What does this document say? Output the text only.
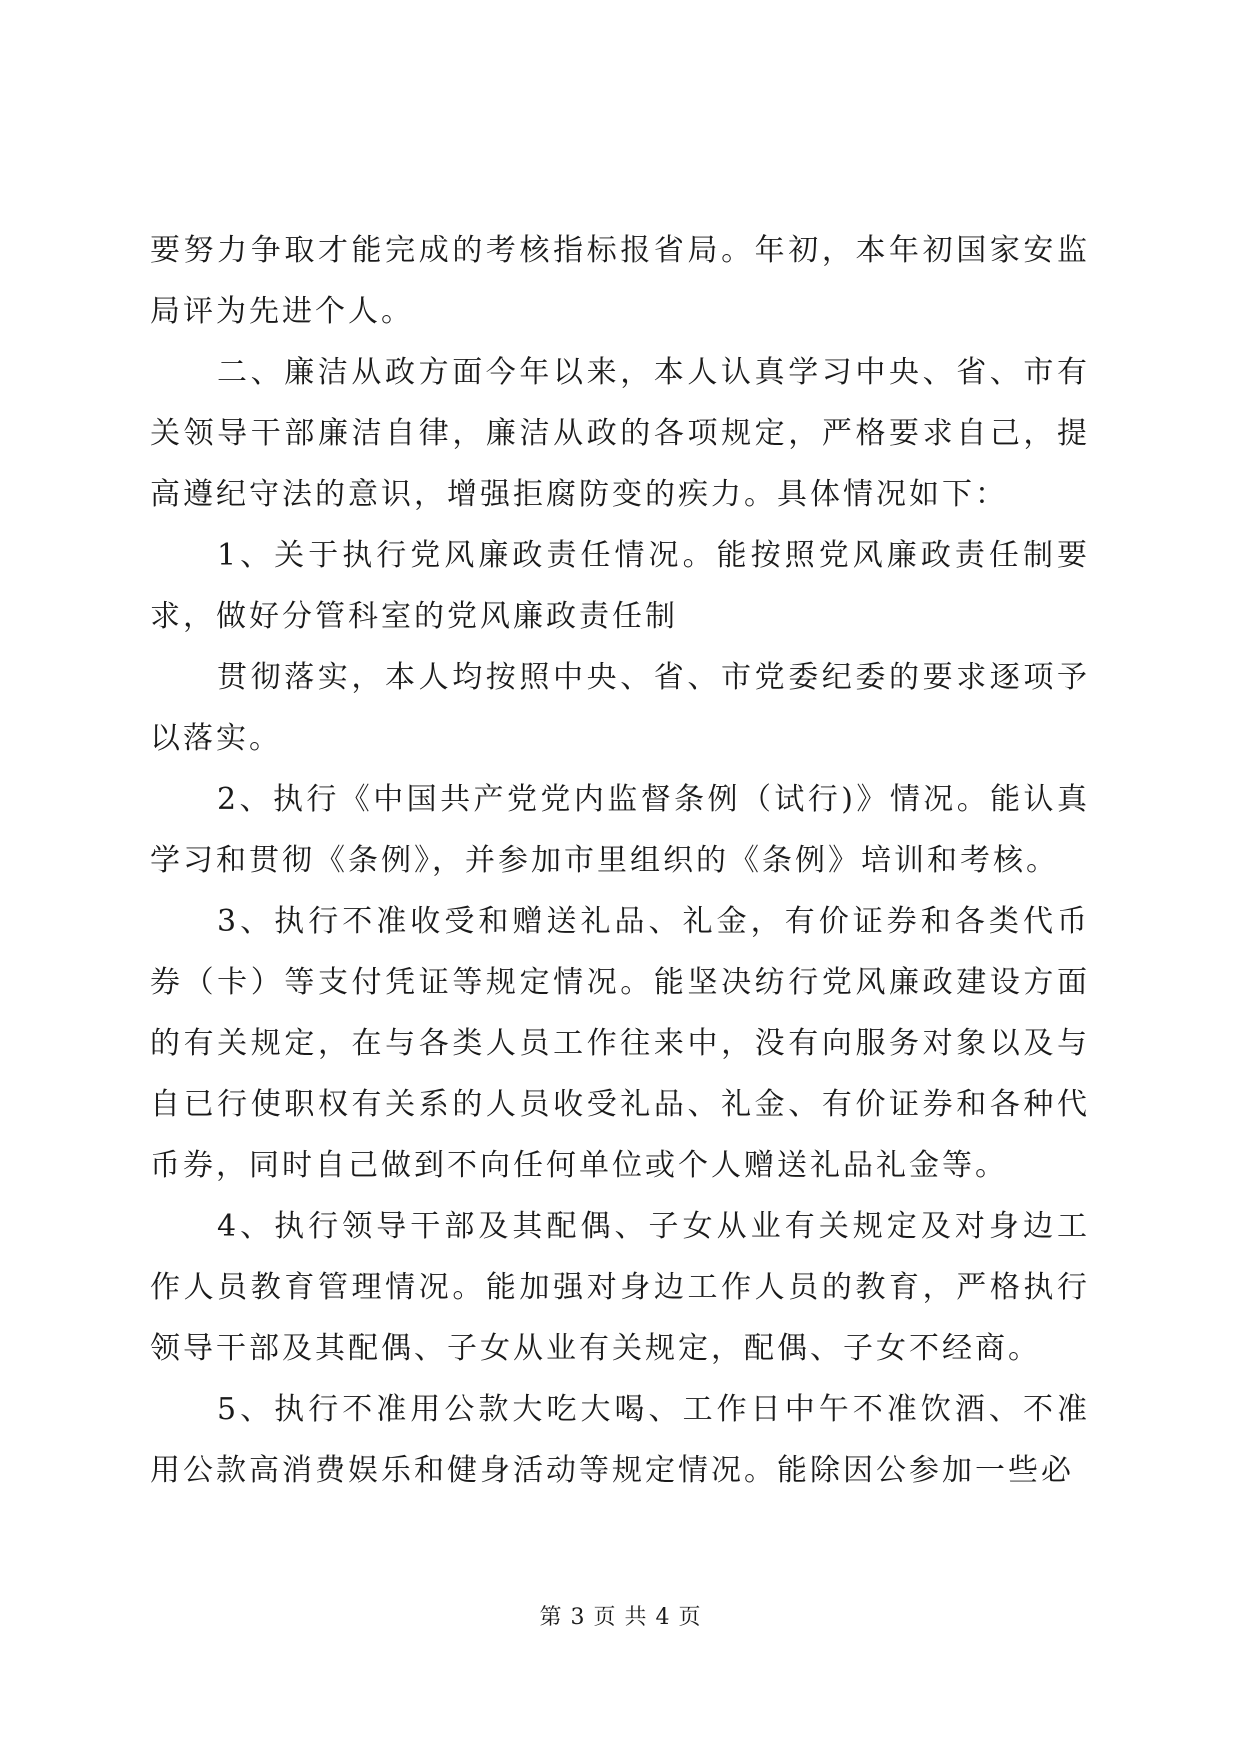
要努力争取才能完成的考核指标报省局。年初，本年初国家安监局评为先进个人。

二、廉洁从政方面今年以来，本人认真学习中央、省、市有关领导干部廉洁自律，廉洁从政的各项规定，严格要求自己，提高遵纪守法的意识，增强拒腐防变的疾力。具体情况如下：

1、关于执行党风廉政责任情况。能按照党风廉政责任制要求，做好分管科室的党风廉政责任制

贯彻落实，本人均按照中央、省、市党委纪委的要求逐项予以落实。

2、执行《中国共产党党内监督条例（试行)》情况。能认真学习和贯彻《条例》，并参加市里组织的《条例》培训和考核。

3、执行不准收受和赠送礼品、礼金，有价证券和各类代币券（卡）等支付凭证等规定情况。能坚决纺行党风廉政建设方面的有关规定，在与各类人员工作往来中，没有向服务对象以及与自已行使职权有关系的人员收受礼品、礼金、有价证券和各种代币券，同时自己做到不向任何单位或个人赠送礼品礼金等。

4、执行领导干部及其配偶、子女从业有关规定及对身边工作人员教育管理情况。能加强对身边工作人员的教育，严格执行领导干部及其配偶、子女从业有关规定，配偶、子女不经商。

5、执行不准用公款大吃大喝、工作日中午不准饮酒、不准用公款高消费娱乐和健身活动等规定情况。能除因公参加一些必

第 3 页 共 4 页
